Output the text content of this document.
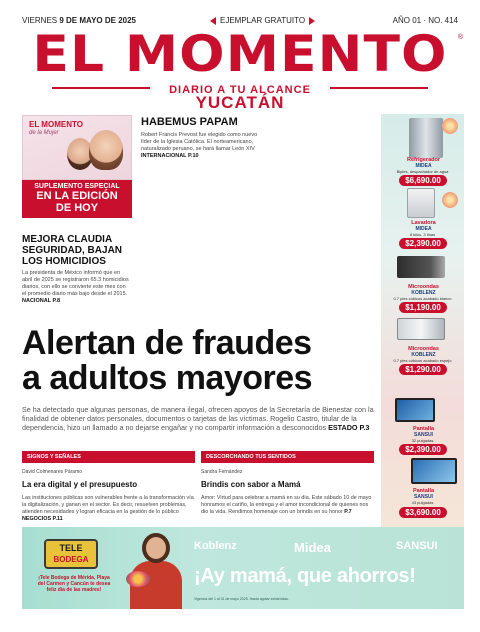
VIERNES 9 DE MAYO DE 2025	EJEMPLAR GRATUITO	AÑO 01 · NO. 414
EL MOMENTO	®
DIARIO A TU ALCANCE
YUCATÁN
EL MOMENTO
de la Mujer
SUPLEMENTO ESPECIAL
EN LA EDICIÓN
DE HOY
MEJORA CLAUDIA SEGURIDAD, BAJAN LOS HOMICIDIOS
La presidenta de México informó que en abril de 2025 se registraron 65.3 homicidios diarios, con ello se convierte este mes con el promedio diario más bajo desde el 2015. NACIONAL P.8
HABEMUS PAPAM
Robert Francis Prevost fue elegido como nuevo líder de la Iglesia Católica. El norteamericano, naturalizado peruano, se hará llamar León XIV INTERNACIONAL P.10
Refrigerador
MIDEA
Bipies, despachador de agua
$6,690.00
Lavadora
MIDEA
8 kilos, 3 tinas
$2,390.00
Microondas
KOBLENZ
0.7 pies cúbicos acabado blanco
$1,190.00
Microondas
KOBLENZ
0.7 pies cúbicos acabado espejo
$1,290.00
Pantalla
SANSUI
32 pulgadas
$2,390.00
Pantalla
SANSUI
43 pulgadas
$3,690.00
Alertan de fraudes
a adultos mayores
Se ha detectado que algunas personas, de manera ilegal, ofrecen apoyos de la Secretaría de Bienestar con la finalidad de obtener datos personales, documentos o tarjetas de las víctimas. Rogelio Castro, titular de la dependencia, hizo un llamado a no dejarse engañar y no compartir información a desconocidos ESTADO P.3
SIGNOS Y SEÑALES
David Colmenares Páramo
La era digital y el presupuesto
Las instituciones públicas son vulnerables frente a la transformación vía la digitalización, y ganan en el sector. Es decir, resuelven problemas, atienden necesidades y logran eficacia en la gestión de lo público NEGOCIOS P.11
DESCORCHANDO TUS SENTIDOS
Sandra Fernández
Brindis con sabor a Mamá
Amor: Virtud para celebrar a mamá en su día. Este sábado 10 de mayo honramos el cariño, la entrega y el amor incondicional de quienes nos dio la vida. Rendimos homenaje con un brindis en su honor P.7
TELE
BODEGA
¡Tele Bodega de Mérida, Playa del Carmen y Cancún te desea feliz día de las madres!
Koblenz	Midea	SANSUI
¡Ay mamá, que ahorros!
Vigencia del 1 al 31 de mayo 2025. Hasta agotar existencias.
